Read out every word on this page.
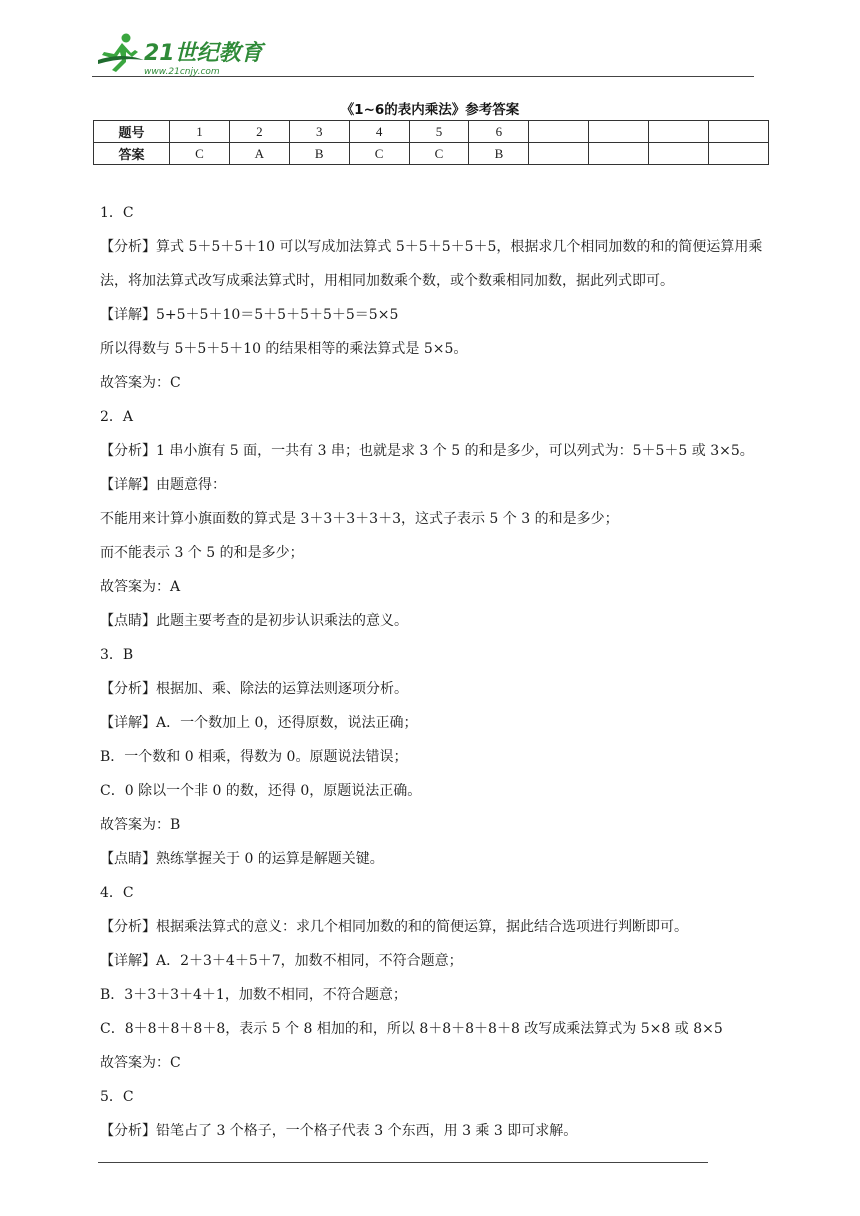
21世纪教育
www.21cnjy.com
《1~6的表内乘法》参考答案
题号	1	2	3	4	5	6				
答案	C	A	B	C	C	B				
1．C
【分析】算式 5＋5＋5＋10 可以写成加法算式 5＋5＋5＋5＋5，根据求几个相同加数的和的简便运算用乘法，将加法算式改写成乘法算式时，用相同加数乘个数，或个数乘相同加数，据此列式即可。
【详解】5+5＋5＋10＝5＋5＋5＋5＋5＝5×5
所以得数与 5＋5＋5＋10 的结果相等的乘法算式是 5×5。
故答案为：C
2．A
【分析】1 串小旗有 5 面，一共有 3 串；也就是求 3 个 5 的和是多少，可以列式为：5＋5＋5 或 3×5。
【详解】由题意得：
不能用来计算小旗面数的算式是 3＋3＋3＋3＋3，这式子表示 5 个 3 的和是多少；
而不能表示 3 个 5 的和是多少；
故答案为：A
【点睛】此题主要考查的是初步认识乘法的意义。
3．B
【分析】根据加、乘、除法的运算法则逐项分析。
【详解】A．一个数加上 0，还得原数，说法正确；
B．一个数和 0 相乘，得数为 0。原题说法错误；
C．0 除以一个非 0 的数，还得 0，原题说法正确。
故答案为：B
【点睛】熟练掌握关于 0 的运算是解题关键。
4．C
【分析】根据乘法算式的意义：求几个相同加数的和的简便运算，据此结合选项进行判断即可。
【详解】A．2＋3＋4＋5＋7，加数不相同，不符合题意；
B．3＋3＋3＋4＋1，加数不相同，不符合题意；
C．8＋8＋8＋8＋8，表示 5 个 8 相加的和，所以 8＋8＋8＋8＋8 改写成乘法算式为 5×8 或 8×5
故答案为：C
5．C
【分析】铅笔占了 3 个格子，一个格子代表 3 个东西，用 3 乘 3 即可求解。
